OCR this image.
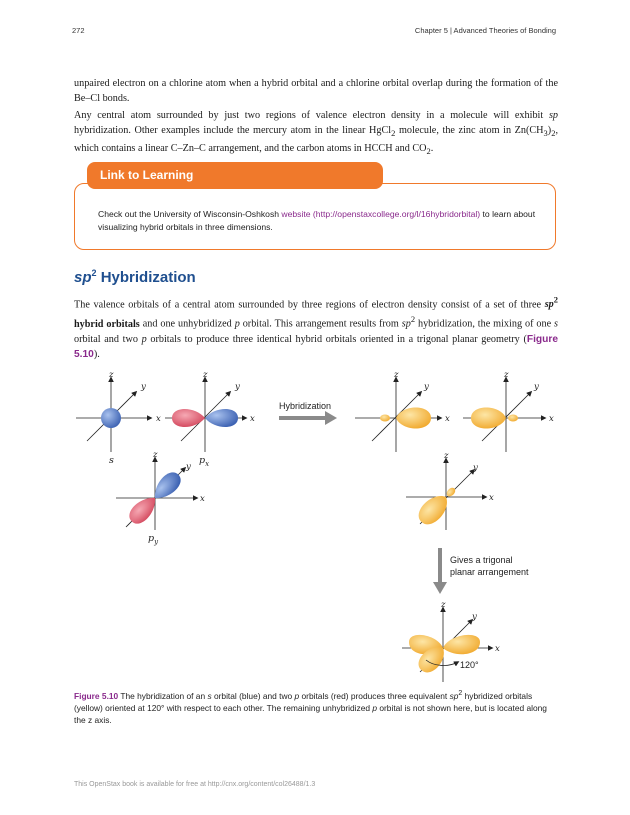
272	Chapter 5 | Advanced Theories of Bonding
unpaired electron on a chlorine atom when a hybrid orbital and a chlorine orbital overlap during the formation of the Be–Cl bonds.
Any central atom surrounded by just two regions of valence electron density in a molecule will exhibit sp hybridization. Other examples include the mercury atom in the linear HgCl$_2$ molecule, the zinc atom in $Zn(CH_3)_2$, which contains a linear C–Zn–C arrangement, and the carbon atoms in HCCH and $CO_2$.
Link to Learning
Check out the University of Wisconsin-Oshkosh website (http://openstaxcollege.org/l/16hybridorbital) to learn about visualizing hybrid orbitals in three dimensions.
$sp^2$ Hybridization
The valence orbitals of a central atom surrounded by three regions of electron density consist of a set of three $sp^2$ hybrid orbitals and one unhybridized p orbital. This arrangement results from $sp^2$ hybridization, the mixing of one s orbital and two p orbitals to produce three identical hybrid orbitals oriented in a trigonal planar geometry (Figure 5.10).
z
y
x
s
z
y
x
$p_x$
z
y
x
$p_y$
Hybridization
z
y
x
z
y
x
z
y
x
Gives a trigonal
planar arrangement
z
y
x
120°
Figure 5.10 The hybridization of an s orbital (blue) and two p orbitals (red) produces three equivalent $sp^2$ hybridized orbitals (yellow) oriented at 120° with respect to each other. The remaining unhybridized p orbital is not shown here, but is located along the z axis.
This OpenStax book is available for free at http://cnx.org/content/col26488/1.3
